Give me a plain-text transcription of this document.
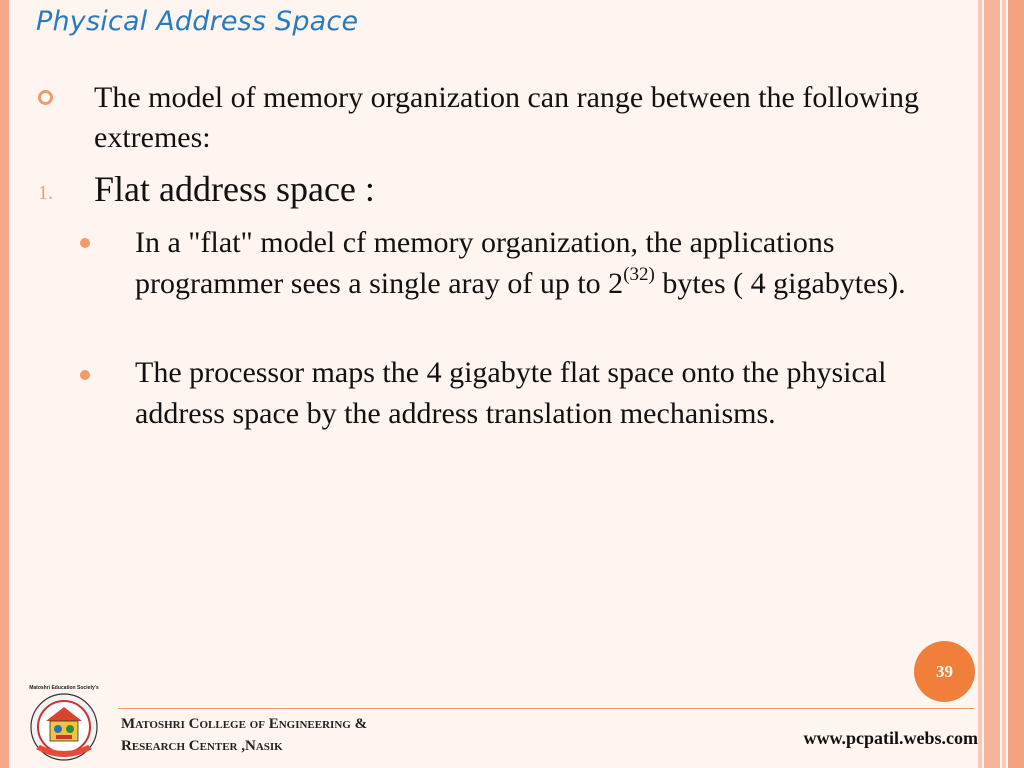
Physical Address Space
The model of memory organization can range between the following extremes:
1. Flat address space :
In a "flat" model cf memory organization, the applications programmer sees a single aray of up to 2$^{(32)}$ bytes ( 4 gigabytes).
The processor maps the 4 gigabyte flat space onto the physical address space by the address translation mechanisms.
39
Matoshri Education Society's
Matoshri College of Engineering &
Research Center ,Nasik	www.pcpatil.webs.com
